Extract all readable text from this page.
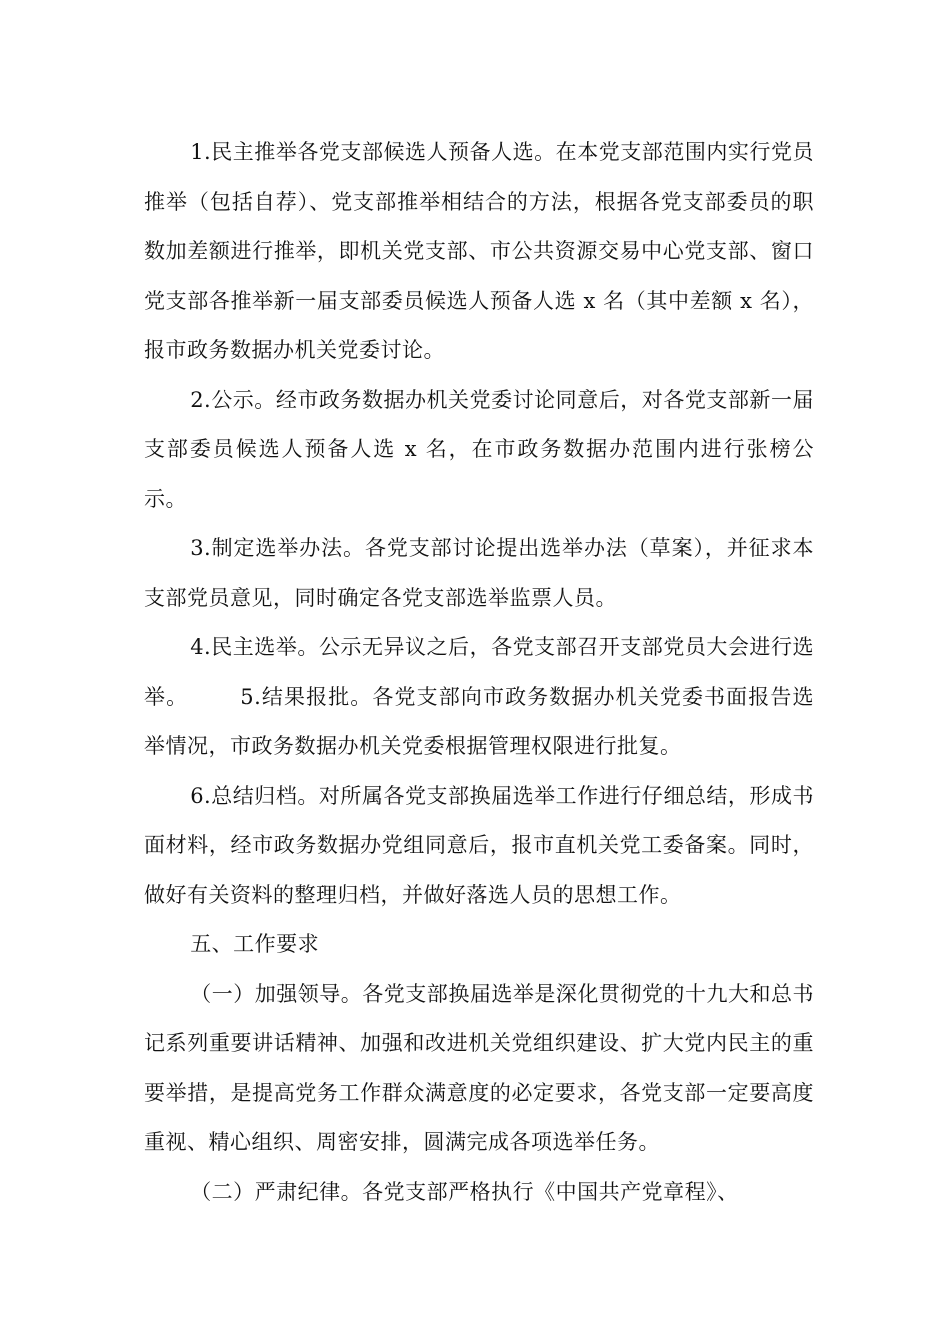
1.民主推举各党支部候选人预备人选。在本党支部范围内实行党员推举（包括自荐）、党支部推举相结合的方法，根据各党支部委员的职数加差额进行推举，即机关党支部、市公共资源交易中心党支部、窗口党支部各推举新一届支部委员候选人预备人选 x 名（其中差额 x 名），报市政务数据办机关党委讨论。

2.公示。经市政务数据办机关党委讨论同意后，对各党支部新一届支部委员候选人预备人选 x 名，在市政务数据办范围内进行张榜公示。

3.制定选举办法。各党支部讨论提出选举办法（草案），并征求本支部党员意见，同时确定各党支部选举监票人员。

4.民主选举。公示无异议之后，各党支部召开支部党员大会进行选举。 5.结果报批。各党支部向市政务数据办机关党委书面报告选举情况，市政务数据办机关党委根据管理权限进行批复。

6.总结归档。对所属各党支部换届选举工作进行仔细总结，形成书面材料，经市政务数据办党组同意后，报市直机关党工委备案。同时，做好有关资料的整理归档，并做好落选人员的思想工作。

五、工作要求

（一）加强领导。各党支部换届选举是深化贯彻党的十九大和总书记系列重要讲话精神、加强和改进机关党组织建设、扩大党内民主的重要举措，是提高党务工作群众满意度的必定要求，各党支部一定要高度重视、精心组织、周密安排，圆满完成各项选举任务。

（二）严肃纪律。各党支部严格执行《中国共产党章程》、
